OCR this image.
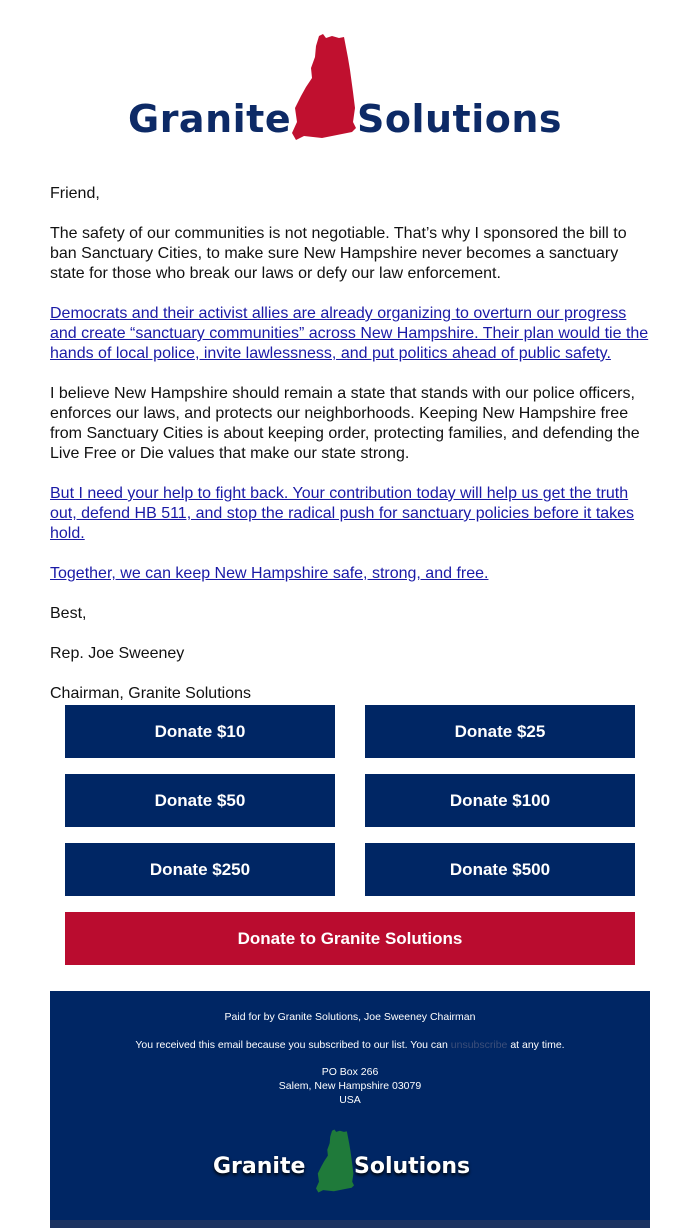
Granite Solutions

Friend,

The safety of our communities is not negotiable. That’s why I sponsored the bill to ban Sanctuary Cities, to make sure New Hampshire never becomes a sanctuary state for those who break our laws or defy our law enforcement.

Democrats and their activist allies are already organizing to overturn our progress and create “sanctuary communities” across New Hampshire. Their plan would tie the hands of local police, invite lawlessness, and put politics ahead of public safety.

I believe New Hampshire should remain a state that stands with our police officers, enforces our laws, and protects our neighborhoods. Keeping New Hampshire free from Sanctuary Cities is about keeping order, protecting families, and defending the Live Free or Die values that make our state strong.

But I need your help to fight back. Your contribution today will help us get the truth out, defend HB 511, and stop the radical push for sanctuary policies before it takes hold.

Together, we can keep New Hampshire safe, strong, and free.

Best,

Rep. Joe Sweeney

Chairman, Granite Solutions

Donate $10	Donate $25
Donate $50	Donate $100
Donate $250	Donate $500
Donate to Granite Solutions
Paid for by Granite Solutions, Joe Sweeney Chairman
You received this email because you subscribed to our list. You can unsubscribe at any time.
PO Box 266
Salem, New Hampshire 03079
USA
Granite Solutions
